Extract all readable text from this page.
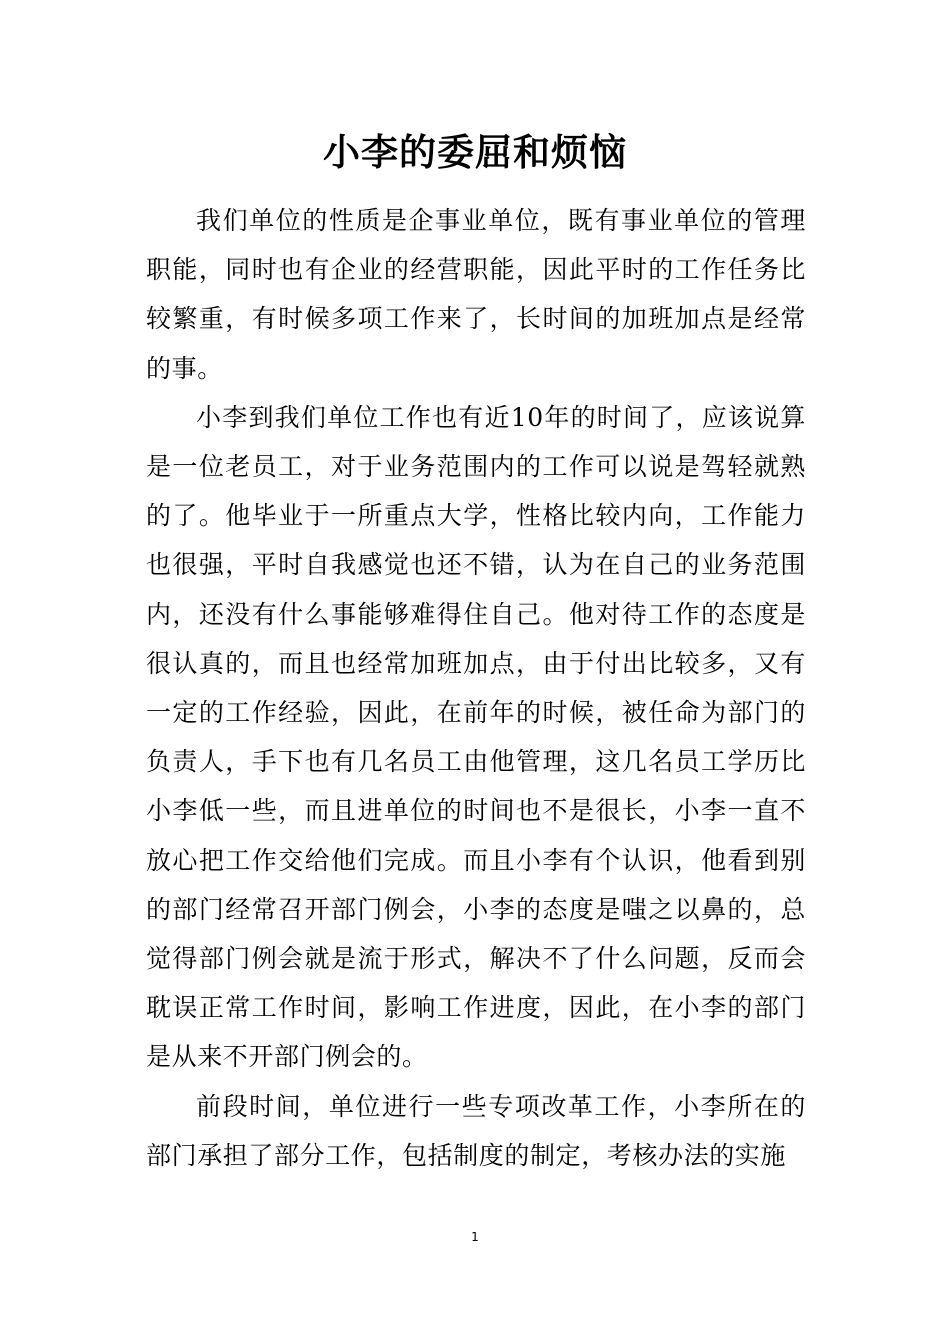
小李的委屈和烦恼

我们单位的性质是企事业单位，既有事业单位的管理职能，同时也有企业的经营职能，因此平时的工作任务比较繁重，有时候多项工作来了，长时间的加班加点是经常的事。

小李到我们单位工作也有近10年的时间了，应该说算是一位老员工，对于业务范围内的工作可以说是驾轻就熟的了。他毕业于一所重点大学，性格比较内向，工作能力也很强，平时自我感觉也还不错，认为在自己的业务范围内，还没有什么事能够难得住自己。他对待工作的态度是很认真的，而且也经常加班加点，由于付出比较多，又有一定的工作经验，因此，在前年的时候，被任命为部门的负责人，手下也有几名员工由他管理，这几名员工学历比小李低一些，而且进单位的时间也不是很长，小李一直不放心把工作交给他们完成。而且小李有个认识，他看到别的部门经常召开部门例会，小李的态度是嗤之以鼻的，总觉得部门例会就是流于形式，解决不了什么问题，反而会耽误正常工作时间，影响工作进度，因此，在小李的部门是从来不开部门例会的。

前段时间，单位进行一些专项改革工作，小李所在的部门承担了部分工作，包括制度的制定，考核办法的实施

1
